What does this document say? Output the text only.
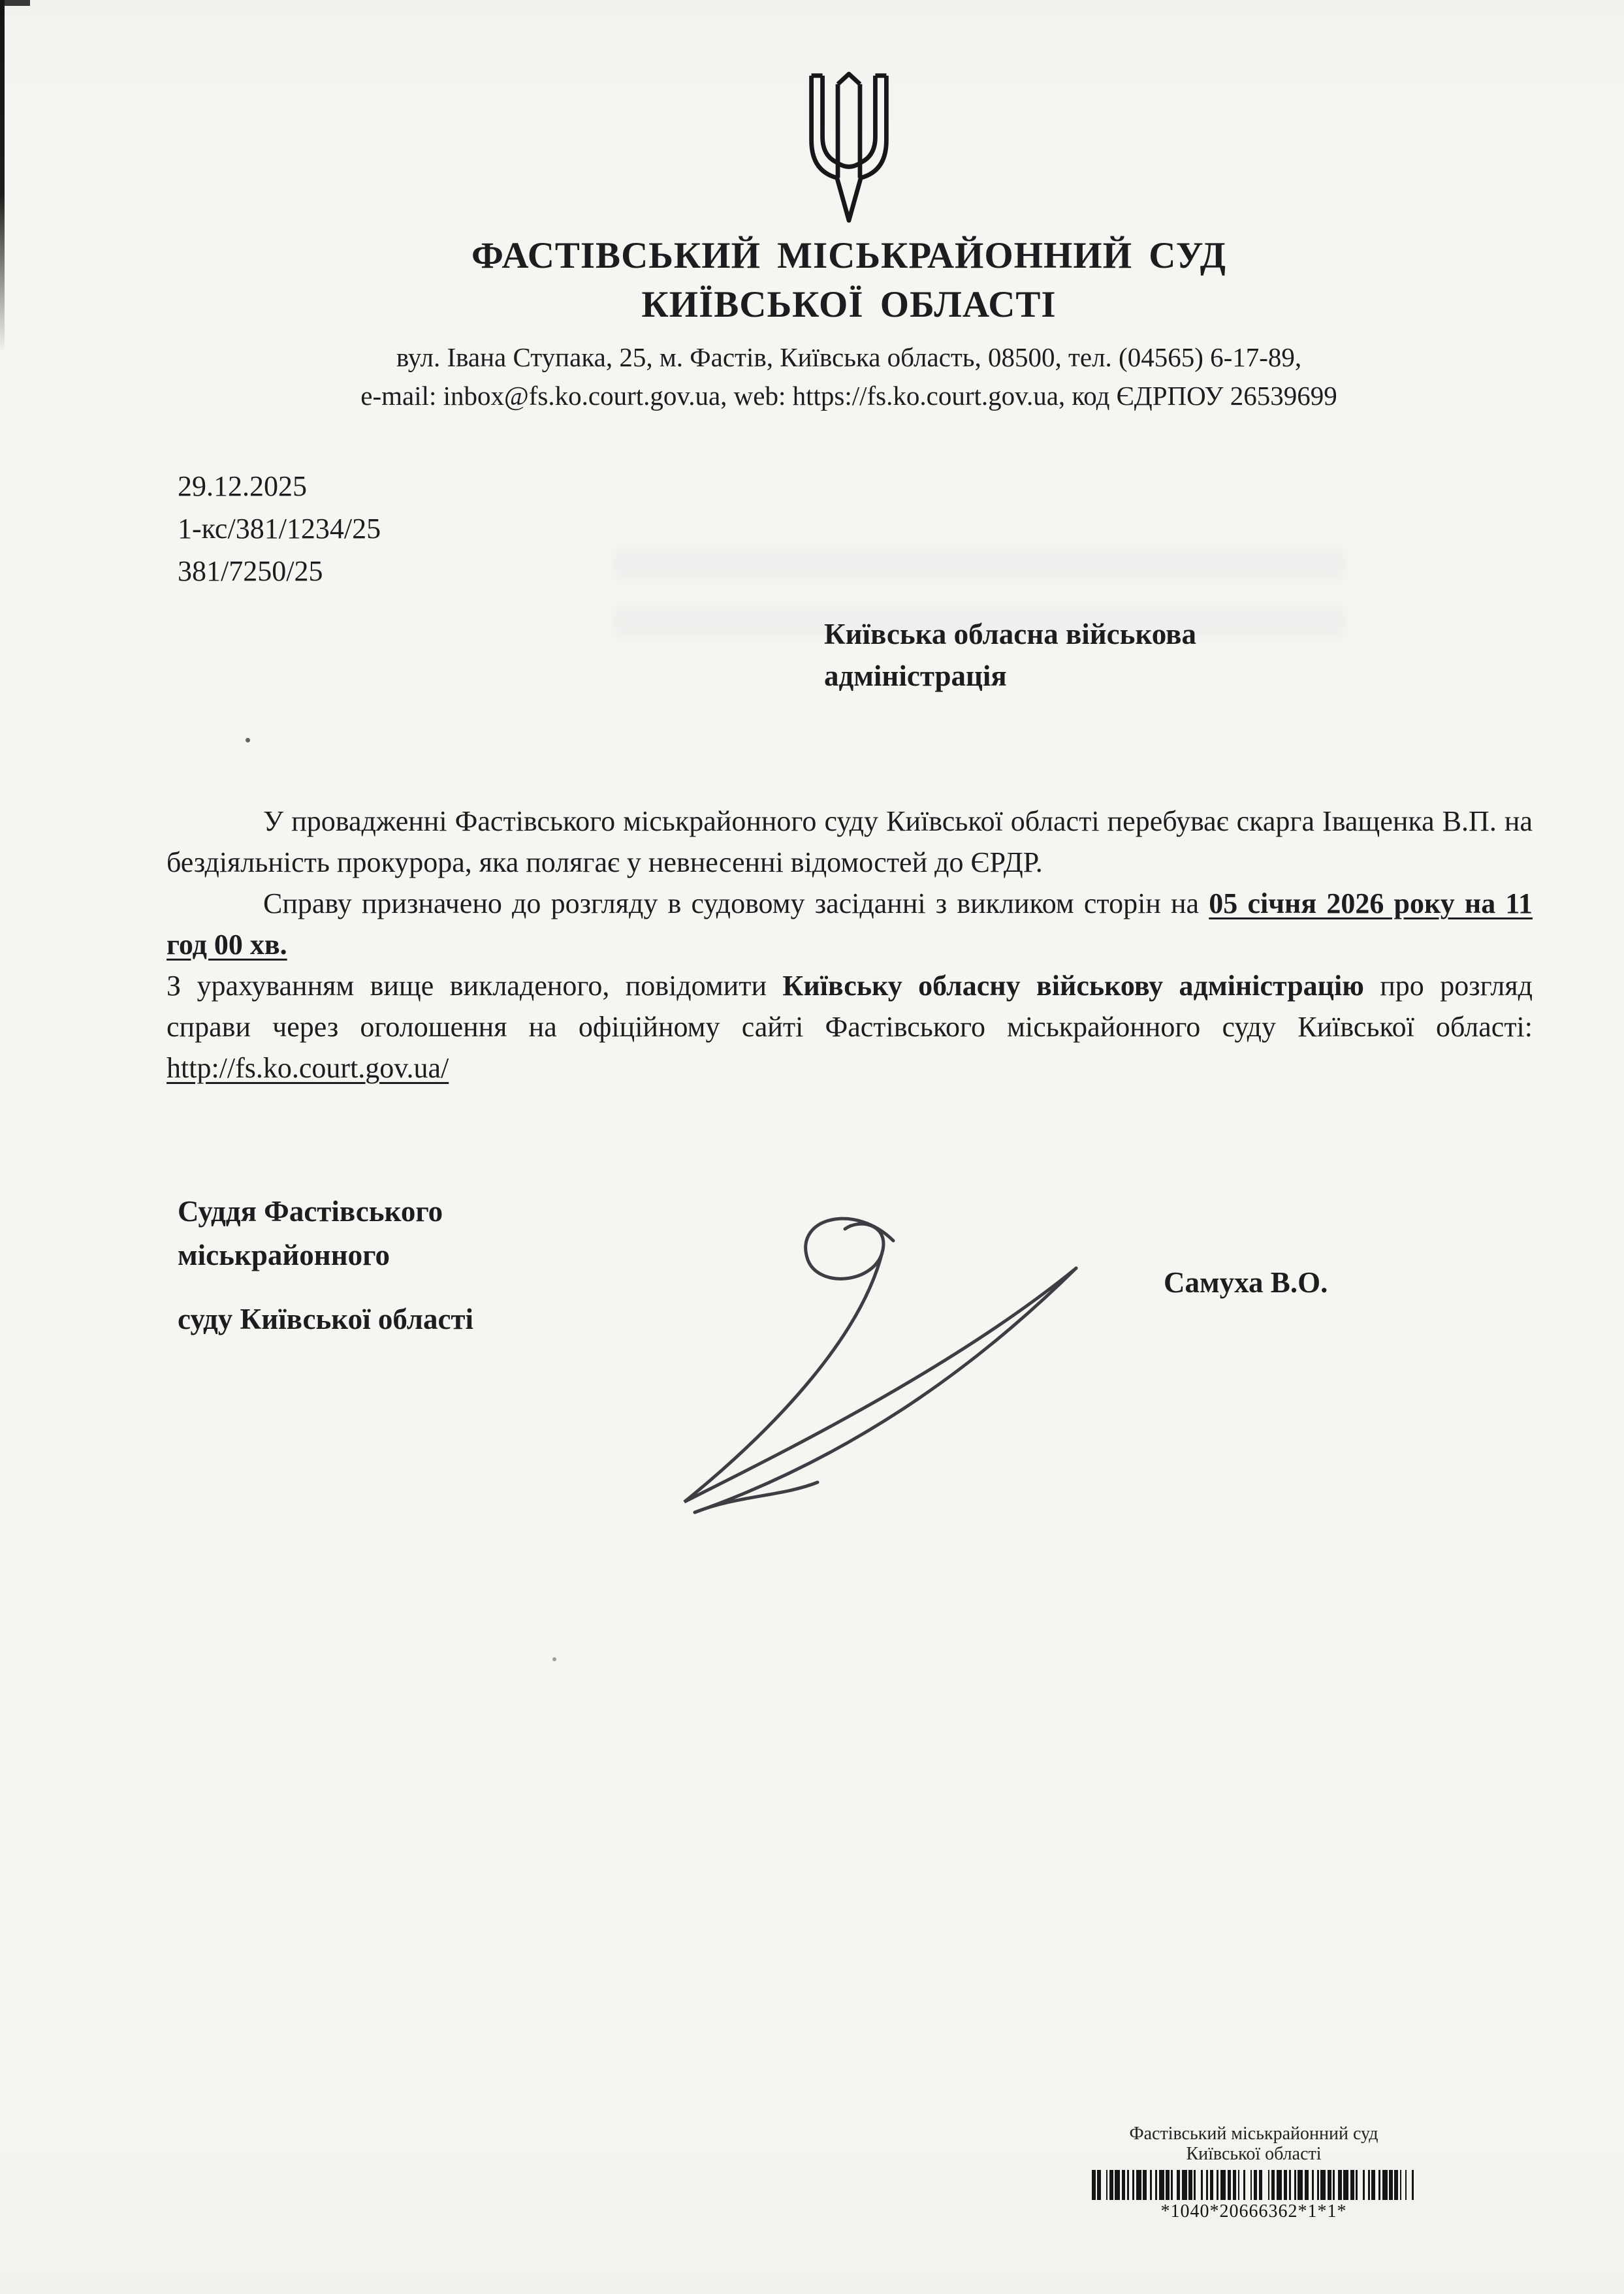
ФАСТІВСЬКИЙ МІСЬКРАЙОННИЙ СУД
КИЇВСЬКОЇ ОБЛАСТІ
вул. Івана Ступака, 25, м. Фастів, Київська область, 08500, тел. (04565) 6-17-89,
e-mail: inbox@fs.ko.court.gov.ua, web: https://fs.ko.court.gov.ua, код ЄДРПОУ 26539699
29.12.2025
1-кс/381/1234/25
381/7250/25
Київська обласна військова
адміністрація

У провадженні Фастівського міськрайонного суду Київської області перебуває скарга Іващенка В.П. на бездіяльність прокурора, яка полягає у невнесенні відомостей до ЄРДР.

Справу призначено до розгляду в судовому засіданні з викликом сторін на 05 січня 2026 року на 11 год 00 хв.

З урахуванням вище викладеного, повідомити Київську обласну військову адміністрацію про розгляд справи через оголошення на офіційному сайті Фастівського міськрайонного суду Київської області: http://fs.ko.court.gov.ua/

Суддя Фастівського
міськрайонного
суду Київської області
Самуха В.О.
Фастівський міськрайонний суд
Київської області
*1040*20666362*1*1*
